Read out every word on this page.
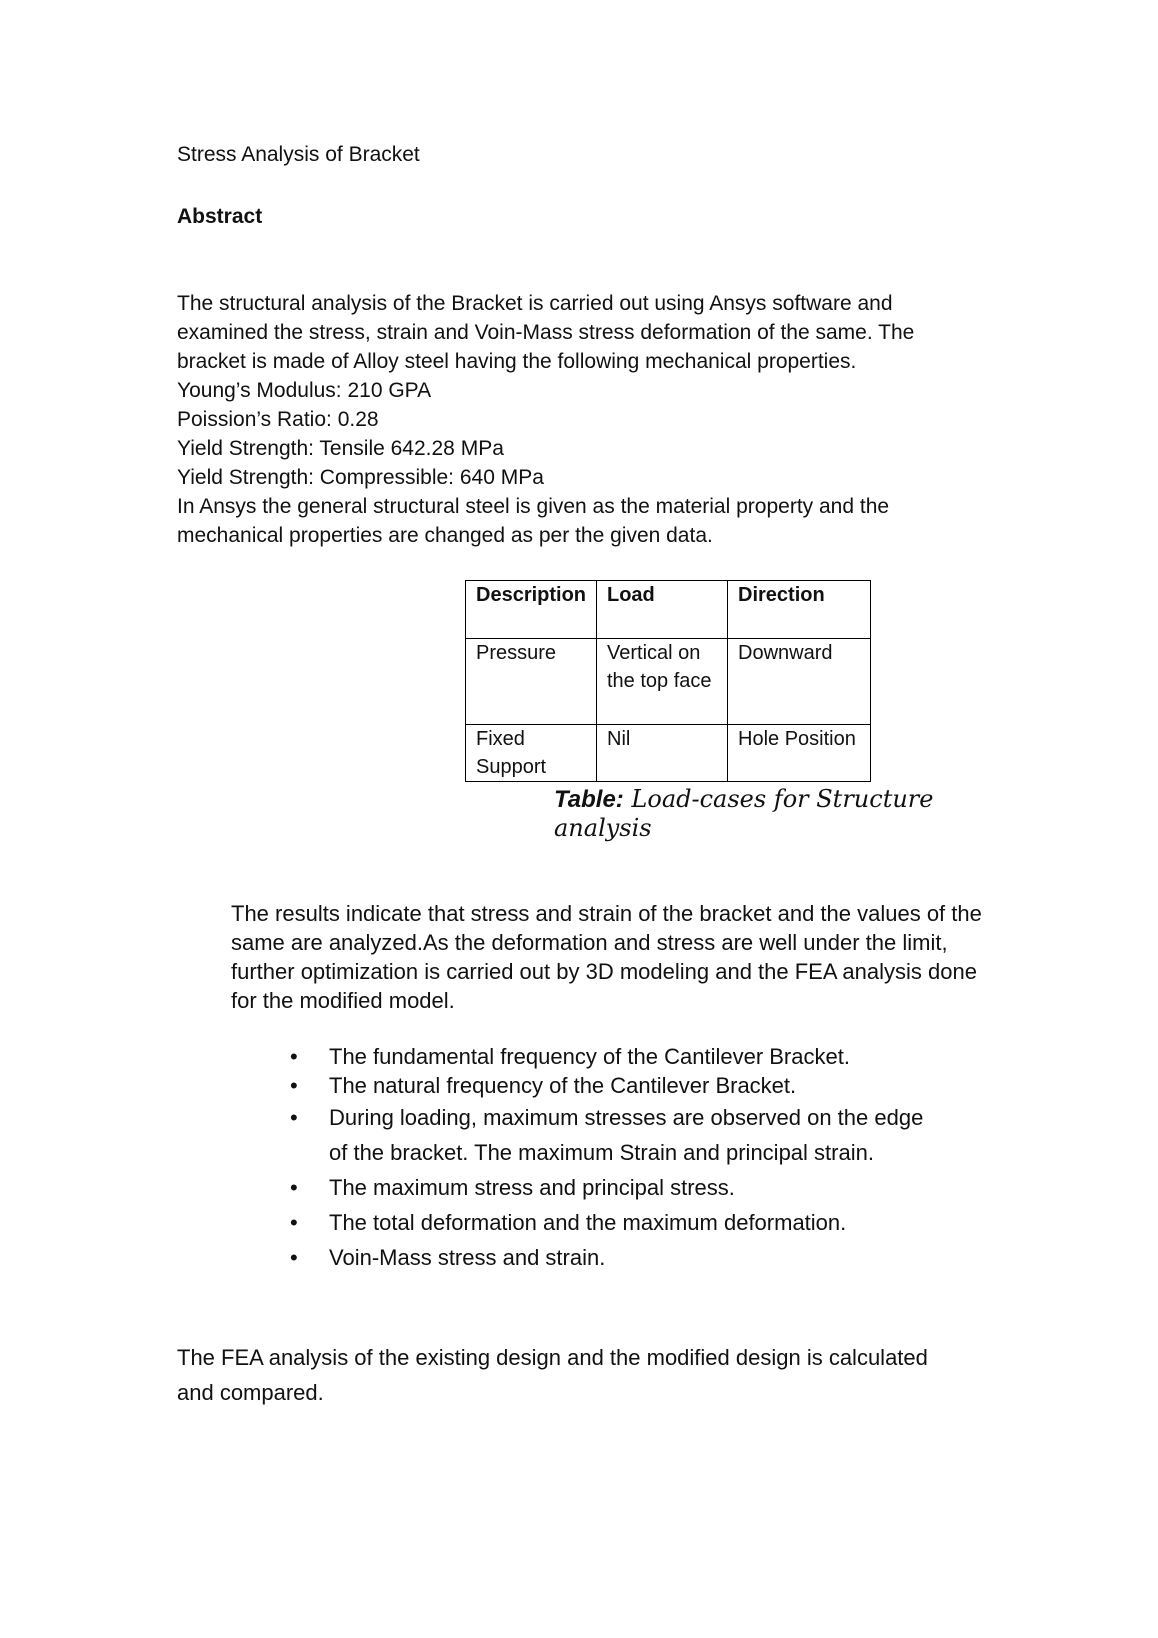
Stress Analysis of Bracket
Abstract

The structural analysis of the Bracket is carried out using Ansys software and

examined the stress, strain and Voin-Mass stress deformation of the same. The

bracket is made of Alloy steel having the following mechanical properties.

Young’s Modulus: 210 GPA

Poission’s Ratio: 0.28

Yield Strength: Tensile 642.28 MPa

Yield Strength: Compressible: 640 MPa

In Ansys the general structural steel is given as the material property and the

mechanical properties are changed as per the given data.

Description	Load	Direction
Pressure	Vertical on the top face	Downward
Fixed Support	Nil	Hole Position
Table: Load-cases for Structure analysis
The results indicate that stress and strain of the bracket and the values of the same are analyzed.As the deformation and stress are well under the limit, further optimization is carried out by 3D modeling and the FEA analysis done for the modified model.
• The fundamental frequency of the Cantilever Bracket.
• The natural frequency of the Cantilever Bracket.
• During loading, maximum stresses are observed on the edge of the bracket. The maximum Strain and principal strain.
• The maximum stress and principal stress.
• The total deformation and the maximum deformation.
• Voin-Mass stress and strain.
The FEA analysis of the existing design and the modified design is calculated and compared.
